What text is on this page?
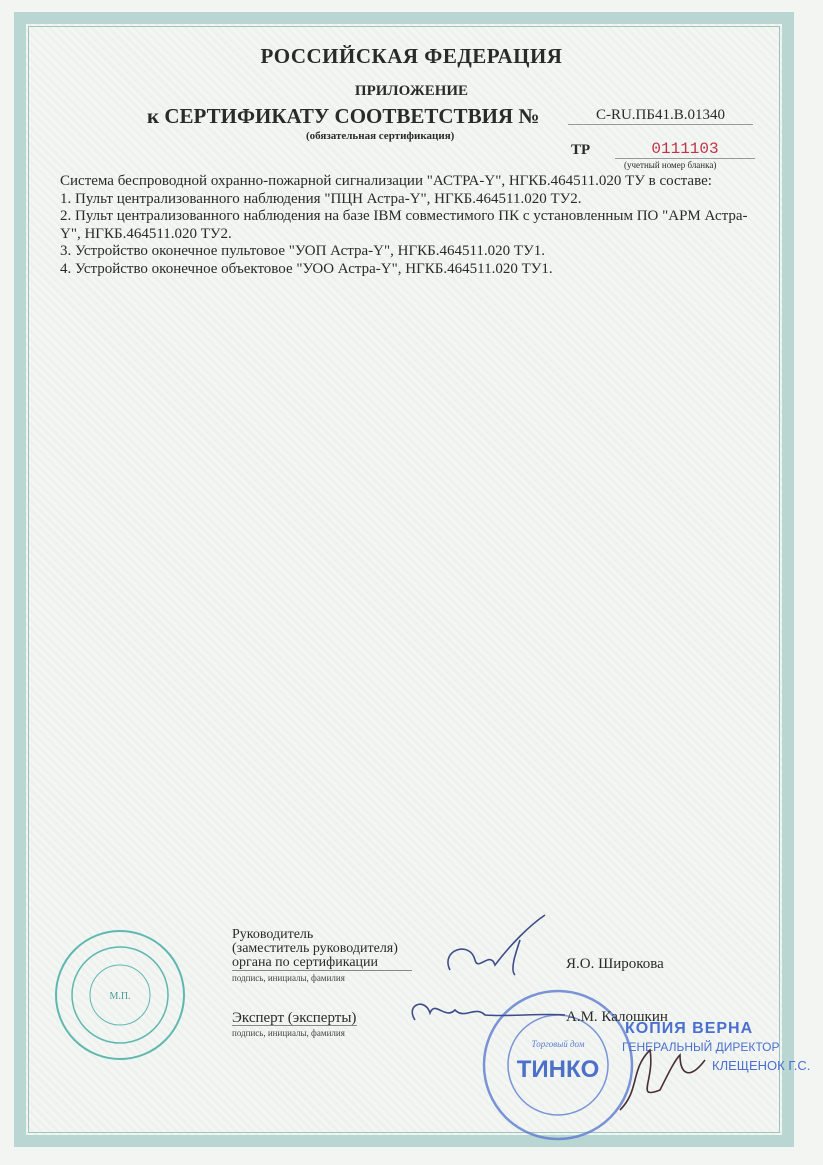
РОССИЙСКАЯ ФЕДЕРАЦИЯ
ПРИЛОЖЕНИЕ
к СЕРТИФИКАТУ СООТВЕТСТВИЯ №	C-RU.ПБ41.В.01340
(обязательная сертификация)
ТР	0111103
(учетный номер бланка)

Система беспроводной охранно-пожарной сигнализации "АСТРА-Y", НГКБ.464511.020 ТУ в составе:

1. Пульт централизованного наблюдения "ПЦН Астра-Y", НГКБ.464511.020 ТУ2.

2. Пульт централизованного наблюдения на базе IBM совместимого ПК с установленным ПО "АРМ Астра-Y", НГКБ.464511.020 ТУ2.

3. Устройство оконечное пультовое "УОП Астра-Y", НГКБ.464511.020 ТУ1.

4. Устройство оконечное объектовое "УОО Астра-Y", НГКБ.464511.020 ТУ1.

М.П.
Руководитель
(заместитель руководителя)
органа по сертификации
подпись, инициалы, фамилия
Я.О. Широкова
Эксперт (эксперты)
подпись, инициалы, фамилия
Торговый дом
ТИНКО
А.М. Калошкин
КОПИЯ ВЕРНА
ГЕНЕРАЛЬНЫЙ ДИРЕКТОР
КЛЕЩЕНОК Г.С.
